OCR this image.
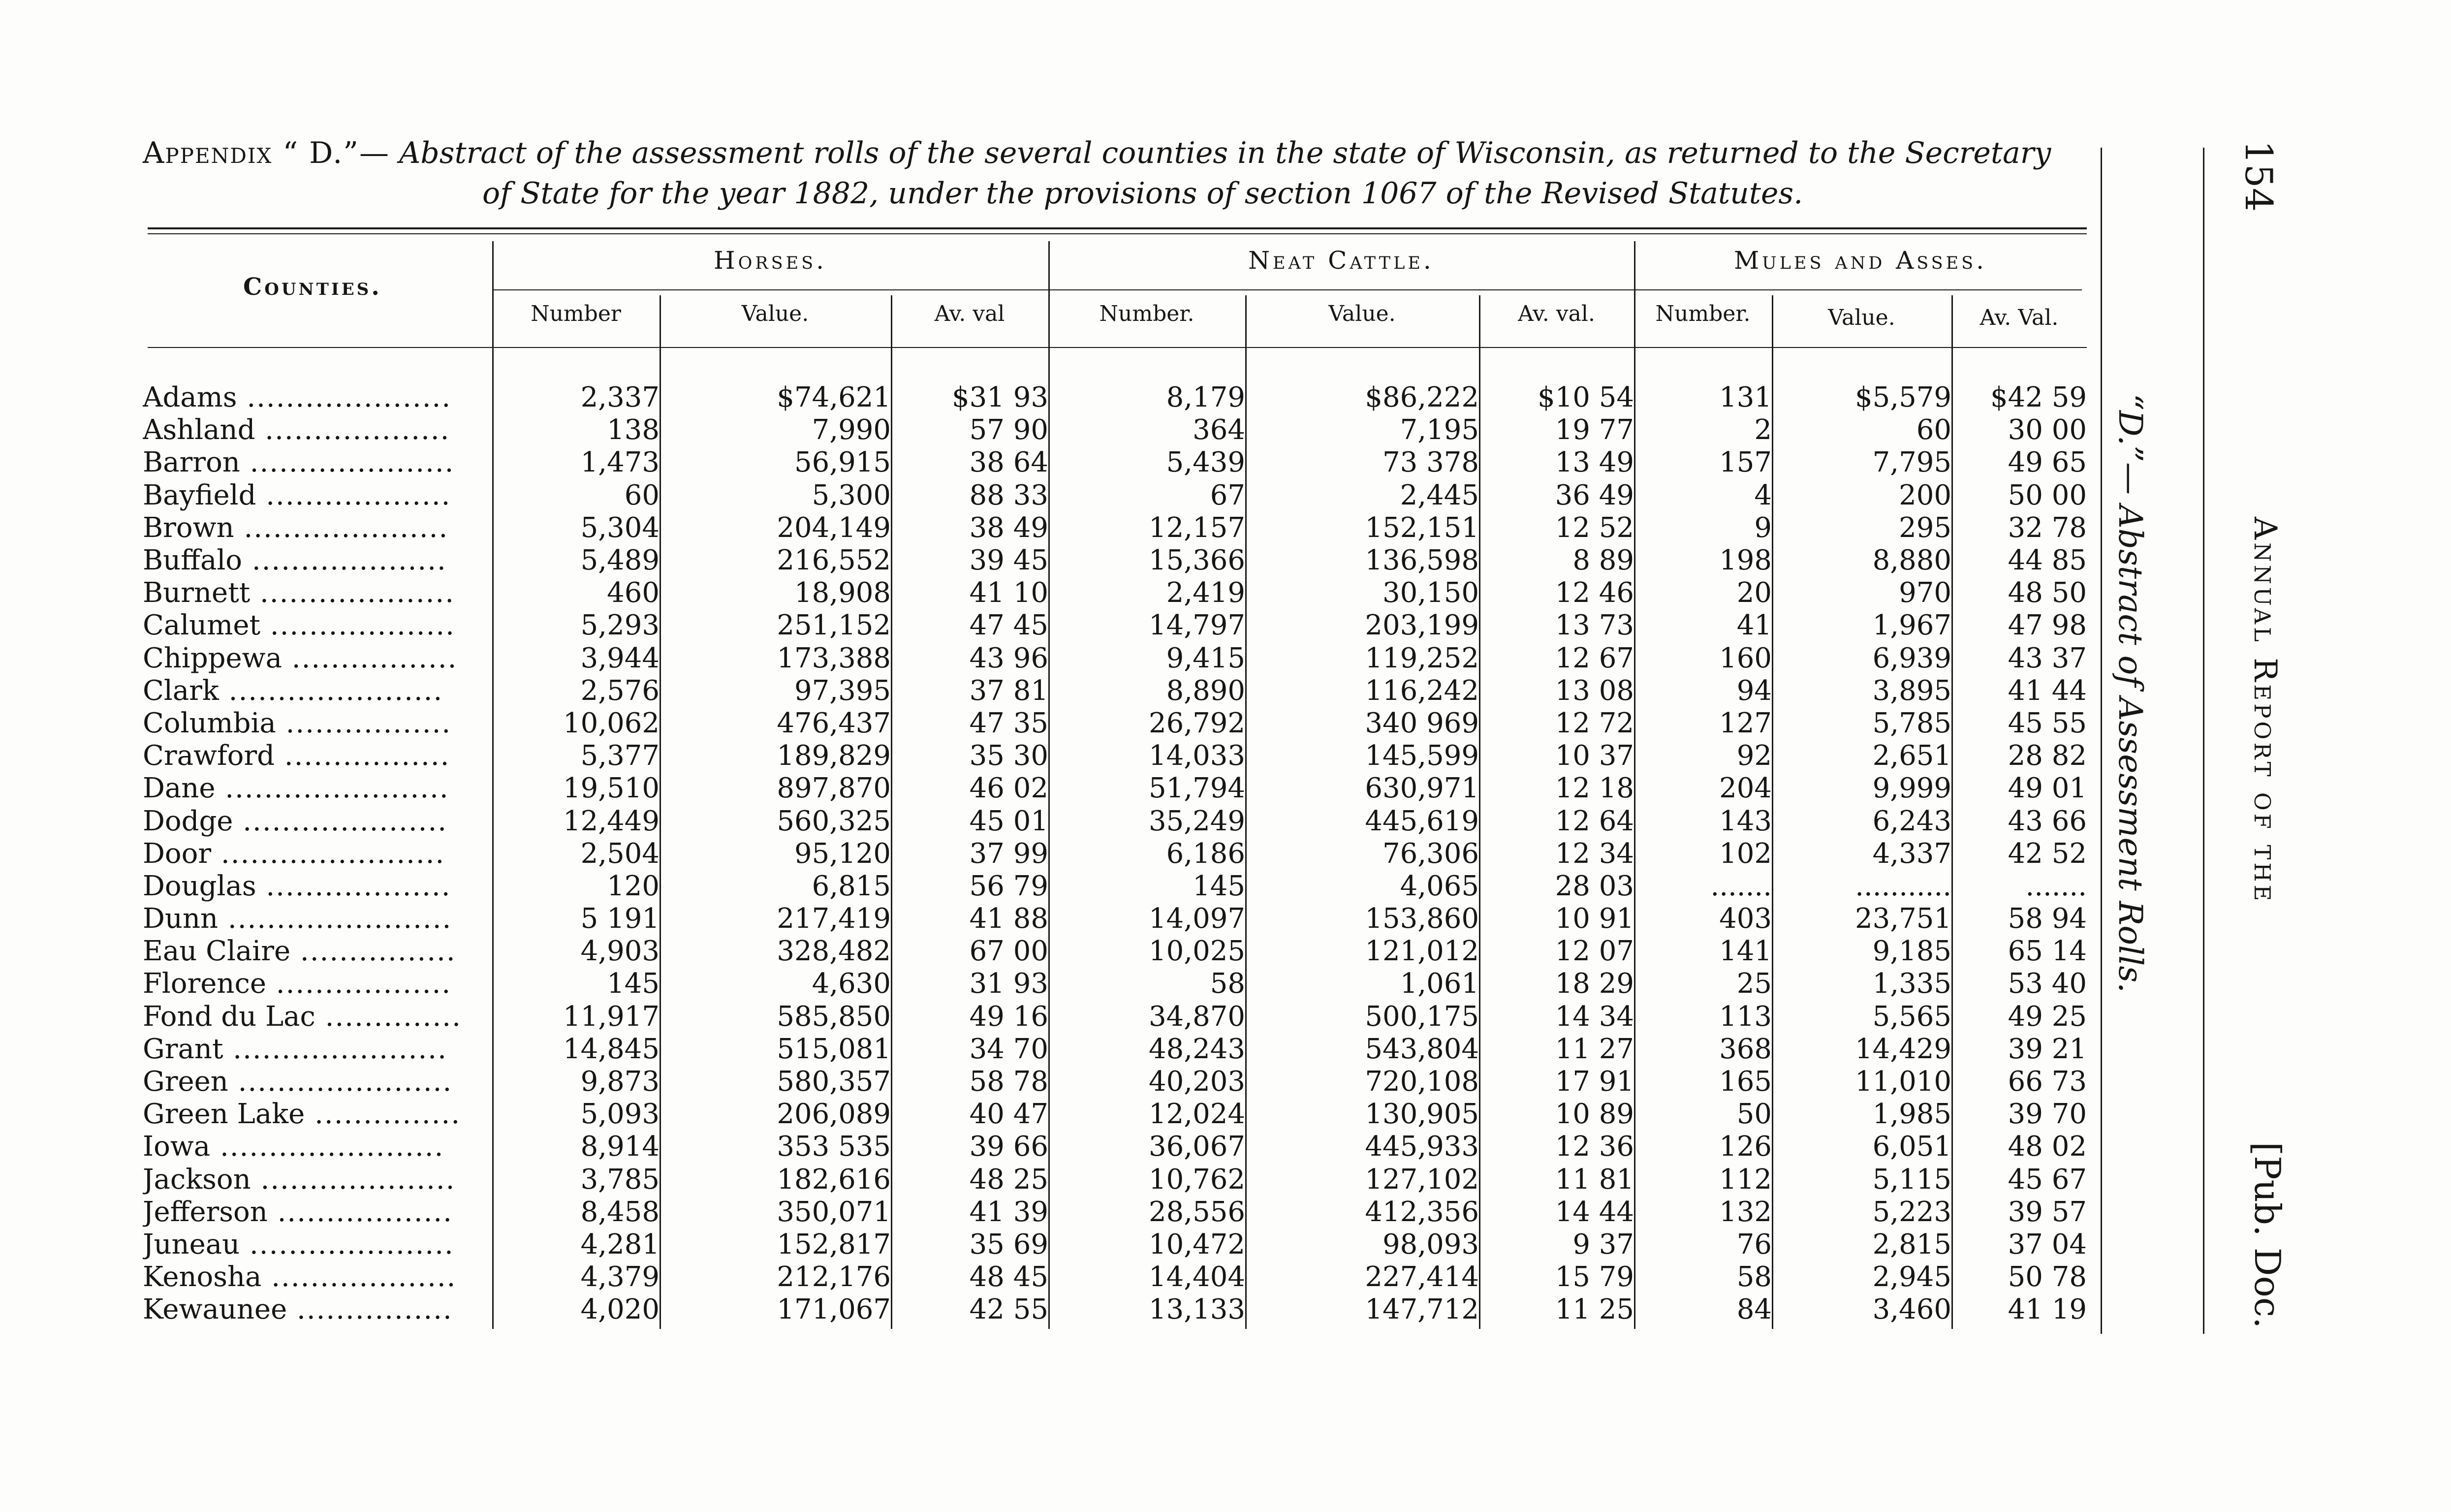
Appendix “ D.”— Abstract of the assessment rolls of the several counties in the state of Wisconsin, as returned to the Secretary
of State for the year 1882, under the provisions of section 1067 of the Revised Statutes.
Counties.
Horses.	Neat Cattle.	Mules and Asses.
Number	Value.	Av. val	Number.	Value.	Av. val.	Number.	Value.	Av. Val.
Adams .....................	2,337	$74,621	$31 93	8,179	$86,222	$10 54	131	$5,579	$42 59
Ashland ...................	138	7,990	57 90	364	7,195	19 77	2	60	30 00
Barron .....................	1,473	56,915	38 64	5,439	73 378	13 49	157	7,795	49 65
Bayfield ...................	60	5,300	88 33	67	2,445	36 49	4	200	50 00
Brown .....................	5,304	204,149	38 49	12,157	152,151	12 52	9	295	32 78
Buffalo ....................	5,489	216,552	39 45	15,366	136,598	8 89	198	8,880	44 85
Burnett ....................	460	18,908	41 10	2,419	30,150	12 46	20	970	48 50
Calumet ...................	5,293	251,152	47 45	14,797	203,199	13 73	41	1,967	47 98
Chippewa .................	3,944	173,388	43 96	9,415	119,252	12 67	160	6,939	43 37
Clark ......................	2,576	97,395	37 81	8,890	116,242	13 08	94	3,895	41 44
Columbia .................	10,062	476,437	47 35	26,792	340 969	12 72	127	5,785	45 55
Crawford .................	5,377	189,829	35 30	14,033	145,599	10 37	92	2,651	28 82
Dane .......................	19,510	897,870	46 02	51,794	630,971	12 18	204	9,999	49 01
Dodge .....................	12,449	560,325	45 01	35,249	445,619	12 64	143	6,243	43 66
Door .......................	2,504	95,120	37 99	6,186	76,306	12 34	102	4,337	42 52
Douglas ...................	120	6,815	56 79	145	4,065	28 03	.......	...........	.......
Dunn .......................	5 191	217,419	41 88	14,097	153,860	10 91	403	23,751	58 94
Eau Claire ................	4,903	328,482	67 00	10,025	121,012	12 07	141	9,185	65 14
Florence ..................	145	4,630	31 93	58	1,061	18 29	25	1,335	53 40
Fond du Lac ..............	11,917	585,850	49 16	34,870	500,175	14 34	113	5,565	49 25
Grant ......................	14,845	515,081	34 70	48,243	543,804	11 27	368	14,429	39 21
Green ......................	9,873	580,357	58 78	40,203	720,108	17 91	165	11,010	66 73
Green Lake ...............	5,093	206,089	40 47	12,024	130,905	10 89	50	1,985	39 70
Iowa .......................	8,914	353 535	39 66	36,067	445,933	12 36	126	6,051	48 02
Jackson ....................	3,785	182,616	48 25	10,762	127,102	11 81	112	5,115	45 67
Jefferson ..................	8,458	350,071	41 39	28,556	412,356	14 44	132	5,223	39 57
Juneau .....................	4,281	152,817	35 69	10,472	98,093	9 37	76	2,815	37 04
Kenosha ...................	4,379	212,176	48 45	14,404	227,414	15 79	58	2,945	50 78
Kewaunee ................	4,020	171,067	42 55	13,133	147,712	11 25	84	3,460	41 19
154
Annual Report of the
[Pub. Doc.
“D.”— Abstract of Assessment Rolls.
